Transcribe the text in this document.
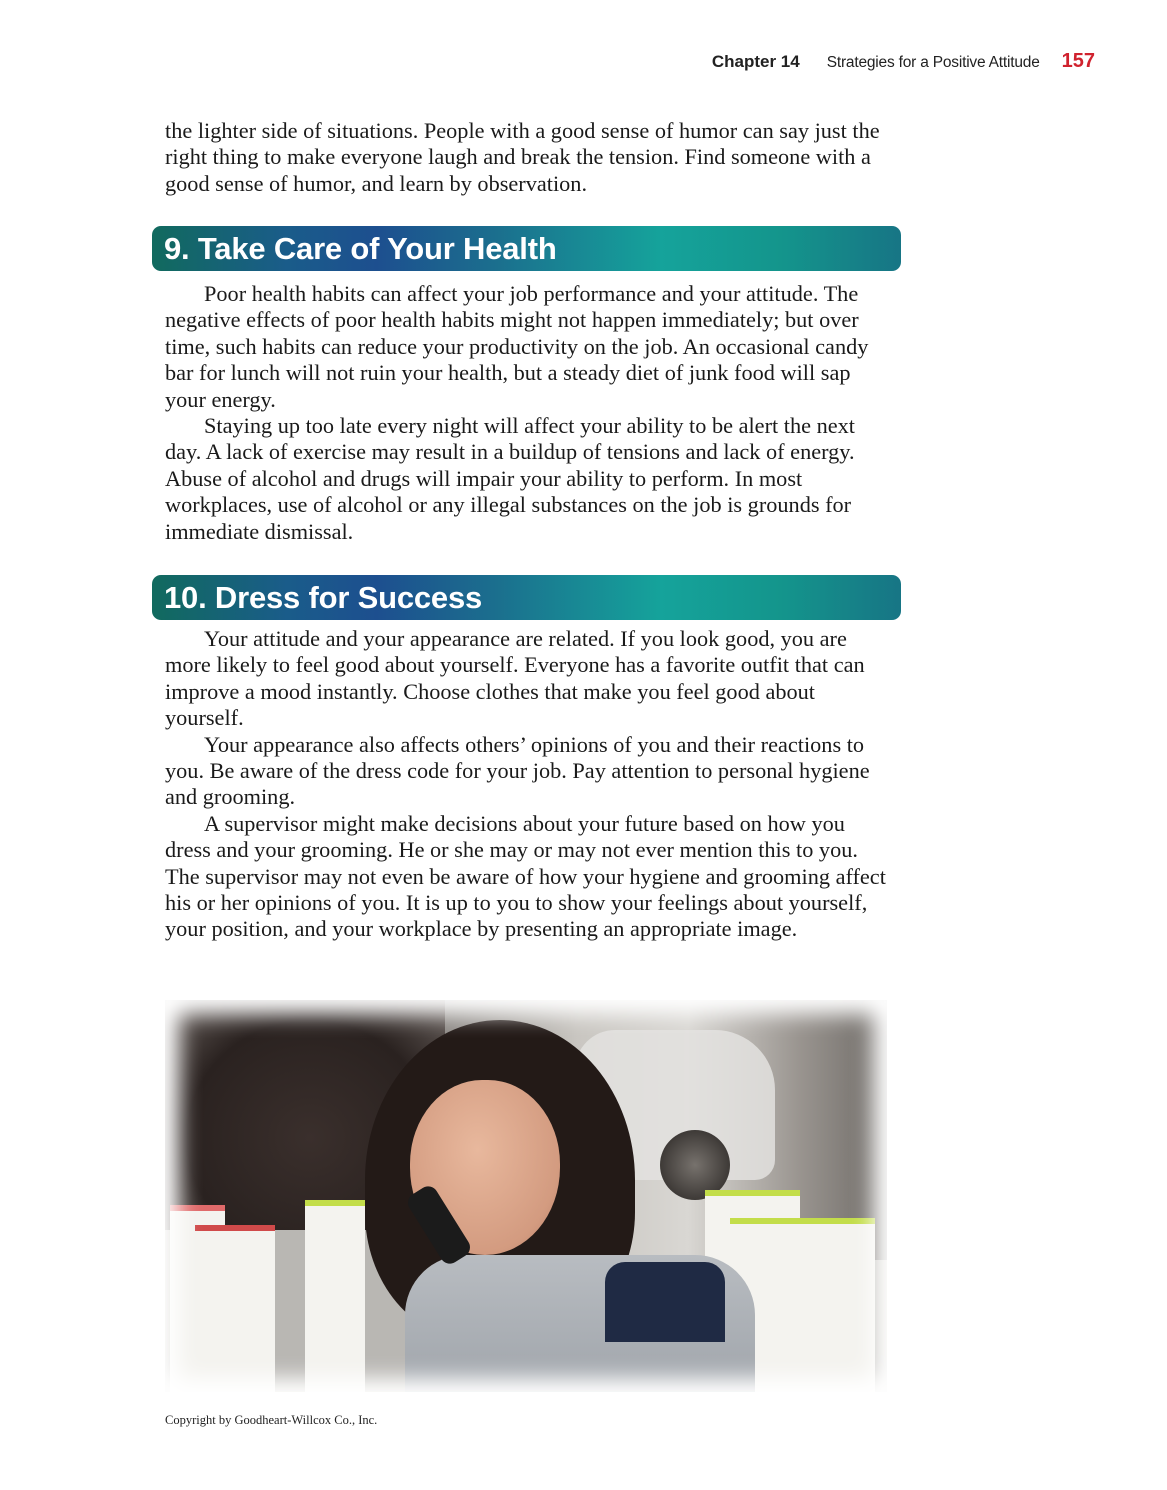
Chapter 14 Strategies for a Positive Attitude 157

the lighter side of situations. People with a good sense of humor can say just the right thing to make everyone laugh and break the tension. Find someone with a good sense of humor, and learn by observation.

9. Take Care of Your Health

Poor health habits can affect your job performance and your attitude. The negative effects of poor health habits might not happen immediately; but over time, such habits can reduce your productivity on the job. An occasional candy bar for lunch will not ruin your health, but a steady diet of junk food will sap your energy.

Staying up too late every night will affect your ability to be alert the next day. A lack of exercise may result in a buildup of tensions and lack of energy. Abuse of alcohol and drugs will impair your ability to perform. In most workplaces, use of alcohol or any illegal substances on the job is grounds for immediate dismissal.

10. Dress for Success

Your attitude and your appearance are related. If you look good, you are more likely to feel good about yourself. Everyone has a favorite outfit that can improve a mood instantly. Choose clothes that make you feel good about yourself.

Your appearance also affects others’ opinions of you and their reactions to you. Be aware of the dress code for your job. Pay attention to personal hygiene and grooming.

A supervisor might make decisions about your future based on how you dress and your grooming. He or she may or may not ever mention this to you. The supervisor may not even be aware of how your hygiene and grooming affect his or her opinions of you. It is up to you to show your feelings about yourself, your position, and your workplace by presenting an appropriate image.

Copyright by Goodheart-Willcox Co., Inc.
